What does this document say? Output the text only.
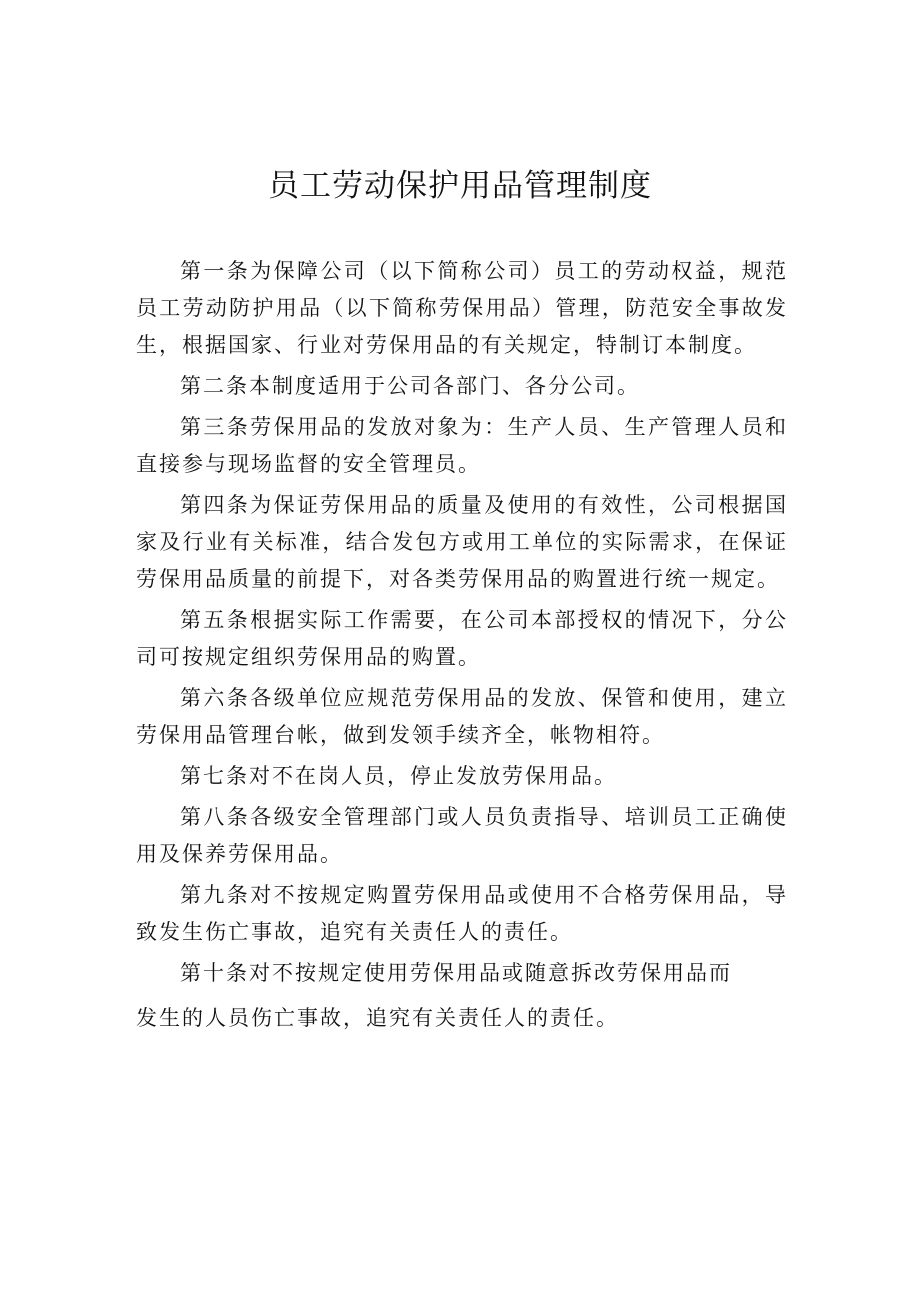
员工劳动保护用品管理制度

第一条为保障公司（以下简称公司）员工的劳动权益，规范员工劳动防护用品（以下简称劳保用品）管理，防范安全事故发生，根据国家、行业对劳保用品的有关规定，特制订本制度。

第二条本制度适用于公司各部门、各分公司。

第三条劳保用品的发放对象为：生产人员、生产管理人员和直接参与现场监督的安全管理员。

第四条为保证劳保用品的质量及使用的有效性，公司根据国家及行业有关标准，结合发包方或用工单位的实际需求，在保证劳保用品质量的前提下，对各类劳保用品的购置进行统一规定。

第五条根据实际工作需要，在公司本部授权的情况下，分公司可按规定组织劳保用品的购置。

第六条各级单位应规范劳保用品的发放、保管和使用，建立劳保用品管理台帐，做到发领手续齐全，帐物相符。

第七条对不在岗人员，停止发放劳保用品。

第八条各级安全管理部门或人员负责指导、培训员工正确使用及保养劳保用品。

第九条对不按规定购置劳保用品或使用不合格劳保用品，导致发生伤亡事故，追究有关责任人的责任。

第十条对不按规定使用劳保用品或随意拆改劳保用品而

发生的人员伤亡事故，追究有关责任人的责任。
